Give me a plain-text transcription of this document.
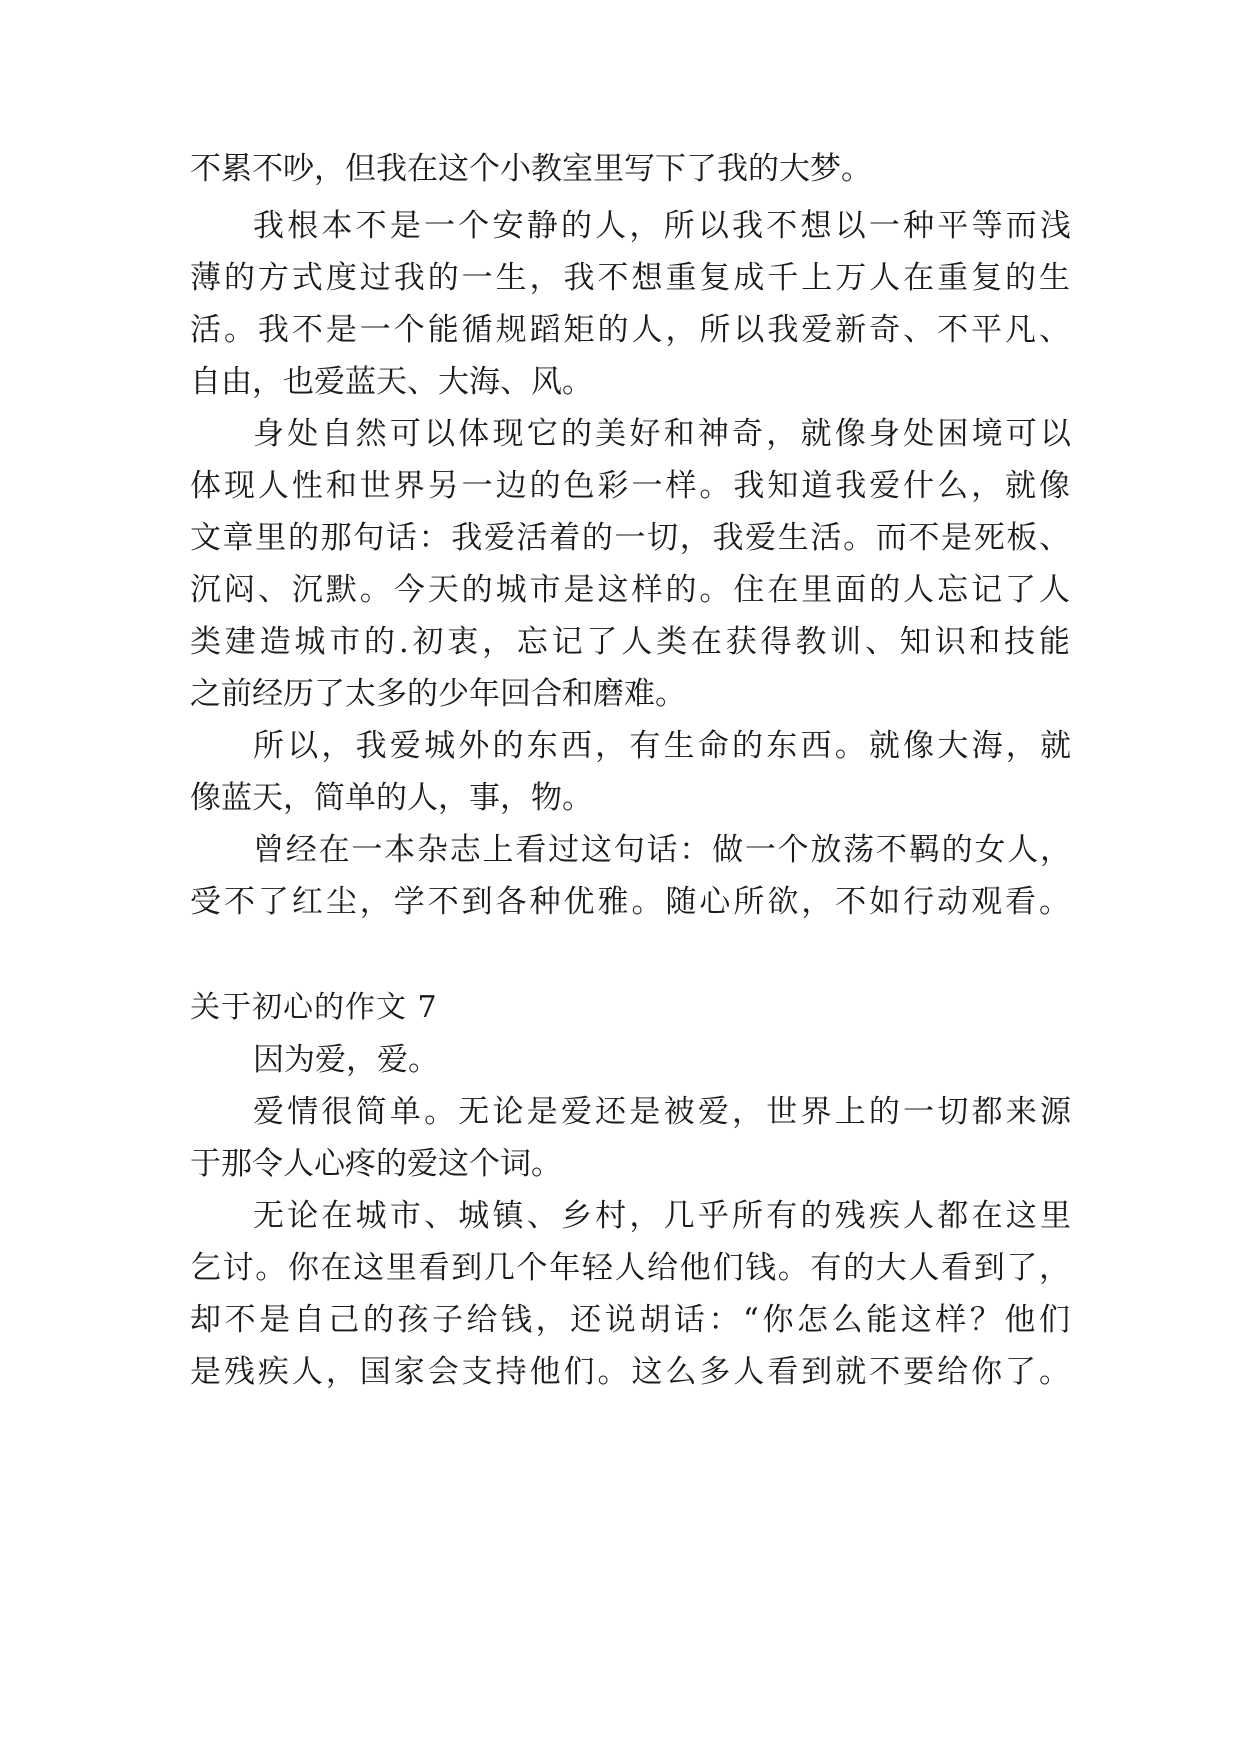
不累不吵，但我在这个小教室里写下了我的大梦。
我根本不是一个安静的人，所以我不想以一种平等而浅
薄的方式度过我的一生，我不想重复成千上万人在重复的生
活。我不是一个能循规蹈矩的人，所以我爱新奇、不平凡、
自由，也爱蓝天、大海、风。
身处自然可以体现它的美好和神奇，就像身处困境可以
体现人性和世界另一边的色彩一样。我知道我爱什么，就像
文章里的那句话：我爱活着的一切，我爱生活。而不是死板、
沉闷、沉默。今天的城市是这样的。住在里面的人忘记了人
类建造城市的.初衷，忘记了人类在获得教训、知识和技能
之前经历了太多的少年回合和磨难。
所以，我爱城外的东西，有生命的东西。就像大海，就
像蓝天，简单的人，事，物。
曾经在一本杂志上看过这句话：做一个放荡不羁的女人，
受不了红尘，学不到各种优雅。随心所欲，不如行动观看。
关于初心的作文 7
因为爱，爱。
爱情很简单。无论是爱还是被爱，世界上的一切都来源
于那令人心疼的爱这个词。
无论在城市、城镇、乡村，几乎所有的残疾人都在这里
乞讨。你在这里看到几个年轻人给他们钱。有的大人看到了，
却不是自己的孩子给钱，还说胡话：“你怎么能这样？他们
是残疾人，国家会支持他们。这么多人看到就不要给你了。
